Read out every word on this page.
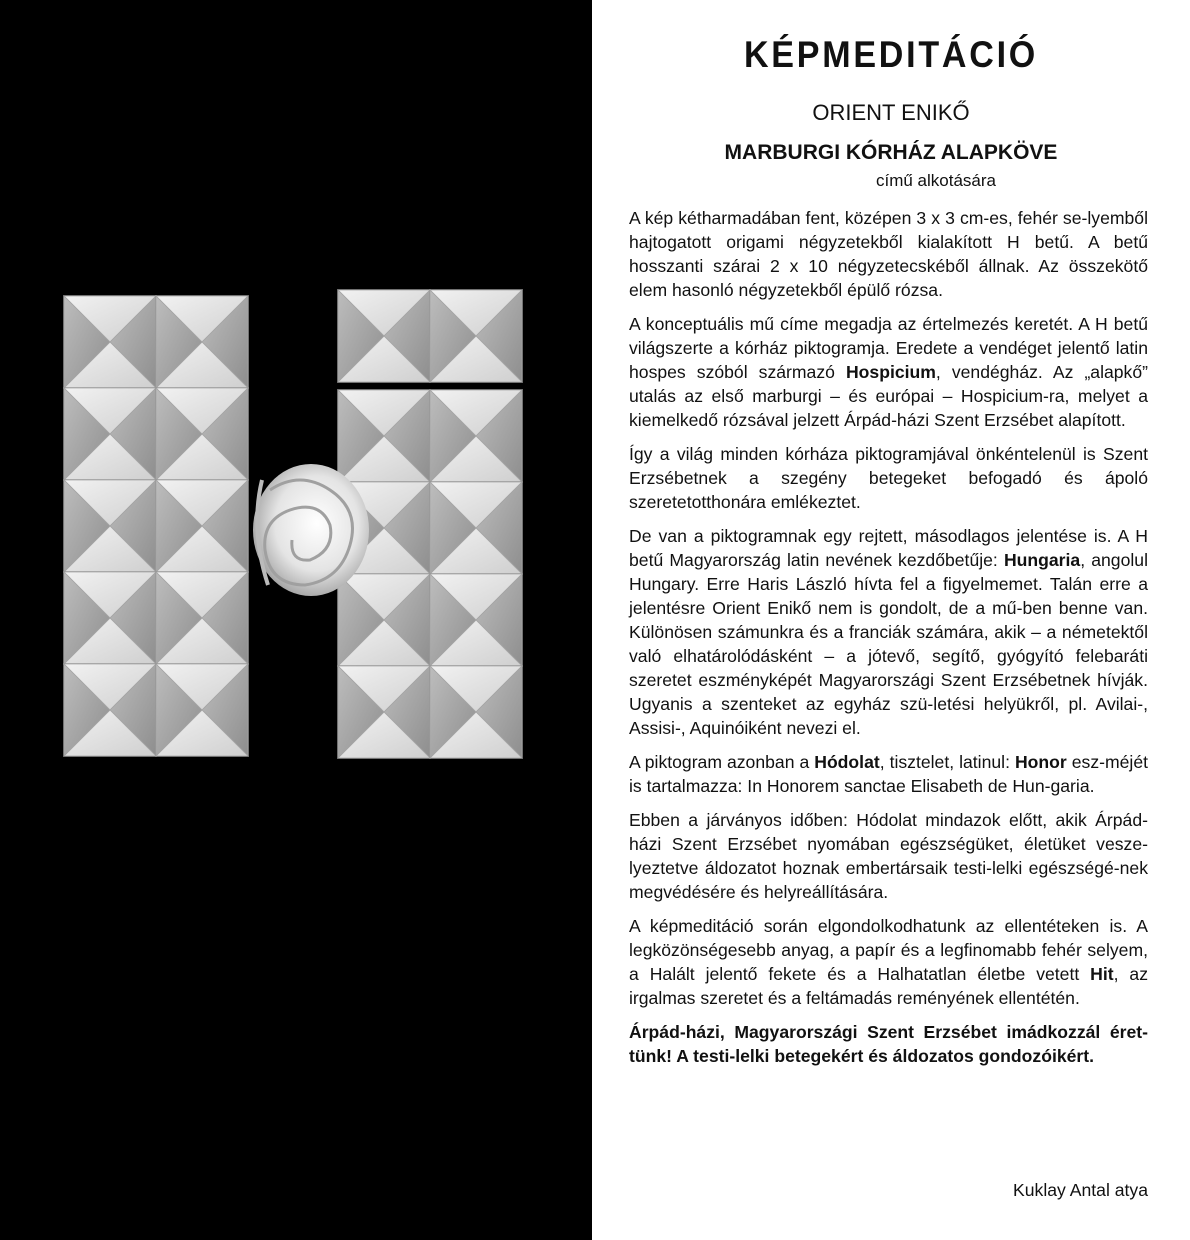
KÉPMEDITÁCIÓ
ORIENT ENIKŐ
MARBURGI KÓRHÁZ ALAPKÖVE
című alkotására

A kép kétharmadában fent, középen 3 x 3 cm-es, fehér se-lyemből hajtogatott origami négyzetekből kialakított H betű. A betű hosszanti szárai 2 x 10 négyzetecskéből állnak. Az összekötő elem hasonló négyzetekből épülő rózsa.

A konceptuális mű címe megadja az értelmezés keretét. A H betű világszerte a kórház piktogramja. Eredete a vendéget jelentő latin hospes szóból származó Hospicium, vendégház. Az „alapkő” utalás az első marburgi – és európai – Hospicium-ra, melyet a kiemelkedő rózsával jelzett Árpád-házi Szent Erzsébet alapított.

Így a világ minden kórháza piktogramjával önkéntelenül is Szent Erzsébetnek a szegény betegeket befogadó és ápoló szeretetotthonára emlékeztet.

De van a piktogramnak egy rejtett, másodlagos jelentése is. A H betű Magyarország latin nevének kezdőbetűje: Hungaria, angolul Hungary. Erre Haris László hívta fel a figyelmemet. Talán erre a jelentésre Orient Enikő nem is gondolt, de a mű-ben benne van. Különösen számunkra és a franciák számára, akik – a németektől való elhatárolódásként – a jótevő, segítő, gyógyító felebaráti szeretet eszményképét Magyarországi Szent Erzsébetnek hívják. Ugyanis a szenteket az egyház szü-letési helyükről, pl. Avilai-, Assisi-, Aquinóiként nevezi el.

A piktogram azonban a Hódolat, tisztelet, latinul: Honor esz-méjét is tartalmazza: In Honorem sanctae Elisabeth de Hun-garia.

Ebben a járványos időben: Hódolat mindazok előtt, akik Árpád-házi Szent Erzsébet nyomában egészségüket, életüket vesze-lyeztetve áldozatot hoznak embertársaik testi-lelki egészségé-nek megvédésére és helyreállítására.

A képmeditáció során elgondolkodhatunk az ellentéteken is. A legközönségesebb anyag, a papír és a legfinomabb fehér selyem, a Halált jelentő fekete és a Halhatatlan életbe vetett Hit, az irgalmas szeretet és a feltámadás reményének ellentétén.

Árpád-házi, Magyarországi Szent Erzsébet imádkozzál éret-tünk! A testi-lelki betegekért és áldozatos gondozóikért.

Kuklay Antal atya
